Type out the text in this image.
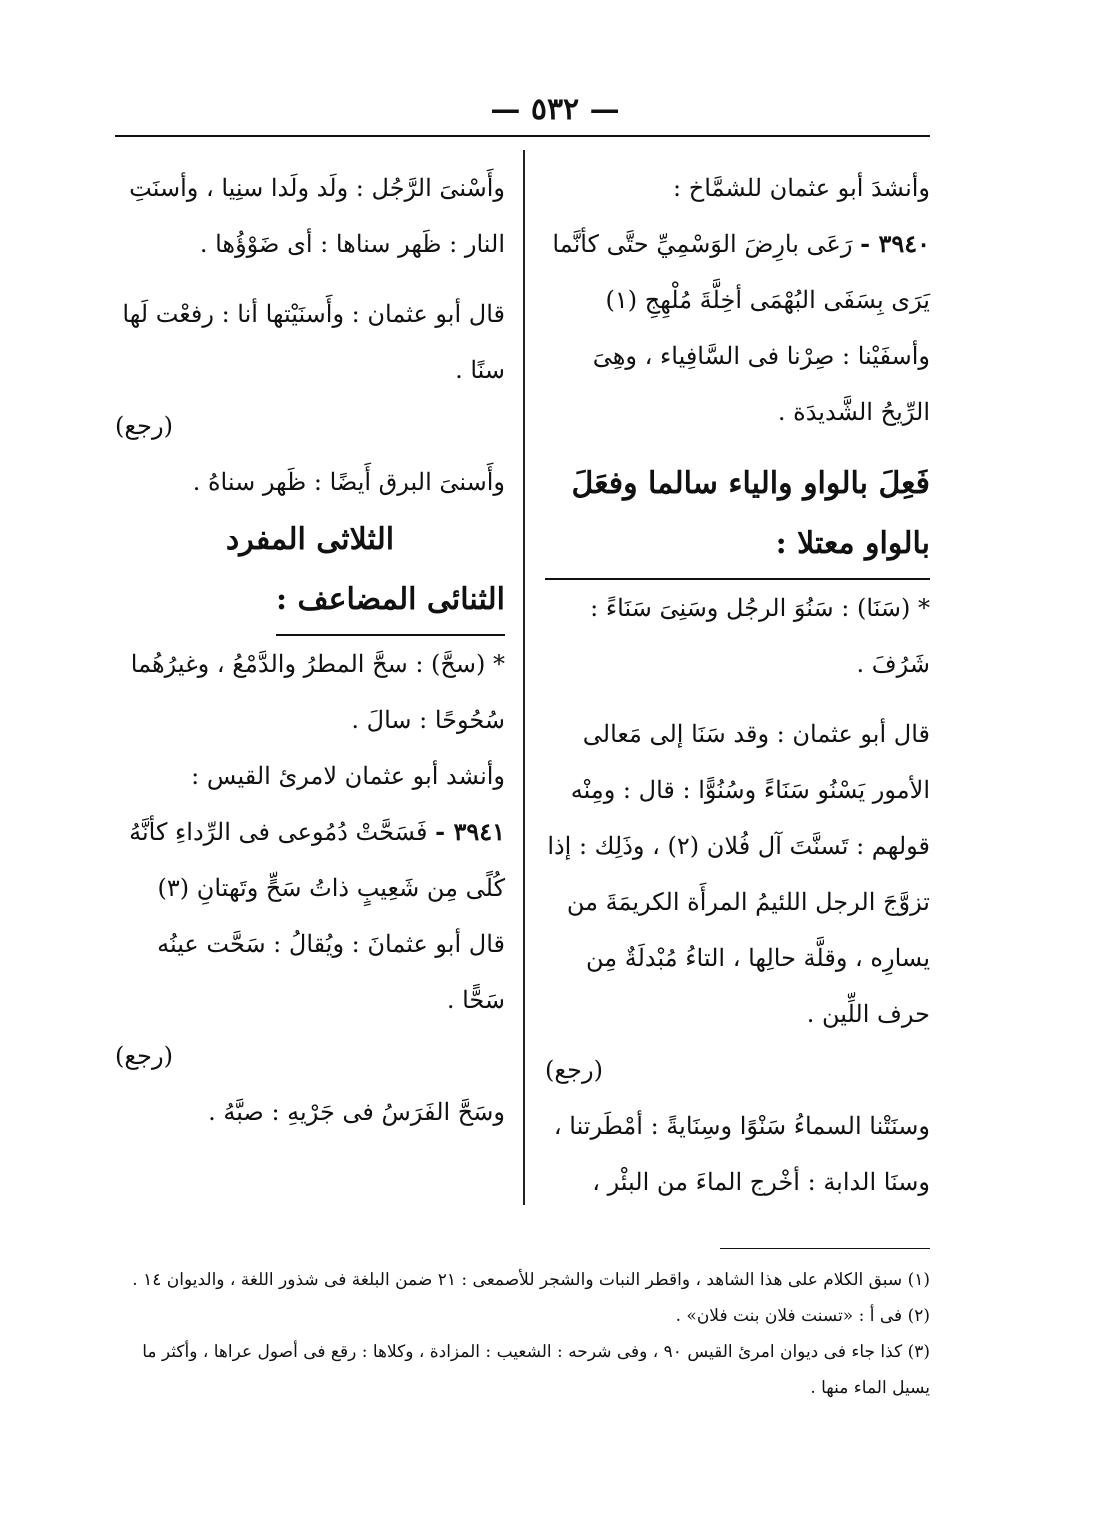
— ٥٣٢ —

وأنشدَ أبو عثمان للشمَّاخ :

٣٩٤٠ - رَعَى بارِضَ الوَسْمِيِّ حتَّى كأنَّما

يَرَى بِسَفَى البُهْمَى أخِلَّةَ مُلْهِجِ (١)

وأسفَيْنا : صِرْنا فى السَّافِياء ، وهِىَ الرِّيحُ الشَّديدَة .

فَعِلَ بالواو والياء سالما وفعَلَ بالواو معتلا :

* (سَنَا) : سَنُوَ الرجُل وسَنِىَ سَنَاءً : شَرُفَ .

قال أبو عثمان : وقد سَنَا إلى مَعالى الأمور يَسْنُو سَنَاءً وسُنُوًّا : قال : ومِنْه قولهم : تَسنَّتَ آل فُلان (٢) ، وذَلِك : إذا تزوَّجَ الرجل اللئيمُ المرأَة الكريمَةَ من يسارِه ، وقلَّة حالِها ، التاءُ مُبْدلَةٌ مِن حرف اللِّين .

(رجع)

وسنَتْنا السماءُ سَنْوًا وسِنَايةً : أمْطَرتنا ، وسنَا الدابة : أخْرج الماءَ من البئْر ،

وأَسْنىَ الرَّجُل : ولَد ولَدا سنِيا ، وأسنَتِ النار : ظَهر سناها : أى ضَوْؤُها .

قال أبو عثمان : وأَسنَيْتها أنا : رفعْت لَها سنًا .

(رجع)

وأَسنىَ البرق أَيضًا : ظَهر سناهُ .

الثلاثى المفرد

الثنائى المضاعف :

* (سحَّ) : سحَّ المطرُ والدَّمْعُ ، وغيرُهُما سُحُوحًا : سالَ .

وأنشد أبو عثمان لامرئ القيس :

٣٩٤١ - فَسَحَّتْ دُمُوعى فى الرِّداءِ كأنَّهُ

كُلًى مِن شَعِيبٍ ذاتُ سَحٍّ وتَهتانِ (٣)

قال أبو عثمانَ : ويُقالُ : سَحَّت عينُه سَحًّا .

(رجع)

وسَحَّ الفَرَسُ فى جَرْيهِ : صبَّهُ .

(١) سبق الكلام على هذا الشاهد ، واقطر النبات والشجر للأصمعى : ٢١ ضمن البلغة فى شذور اللغة ، والديوان ١٤ .

(٢) فى أ : «تسنت فلان بنت فلان» .

(٣) كذا جاء فى ديوان امرئ القيس ٩٠ ، وفى شرحه : الشعيب : المزادة ، وكلاها : رقع فى أصول عراها ، وأكثر ما يسيل الماء منها .
